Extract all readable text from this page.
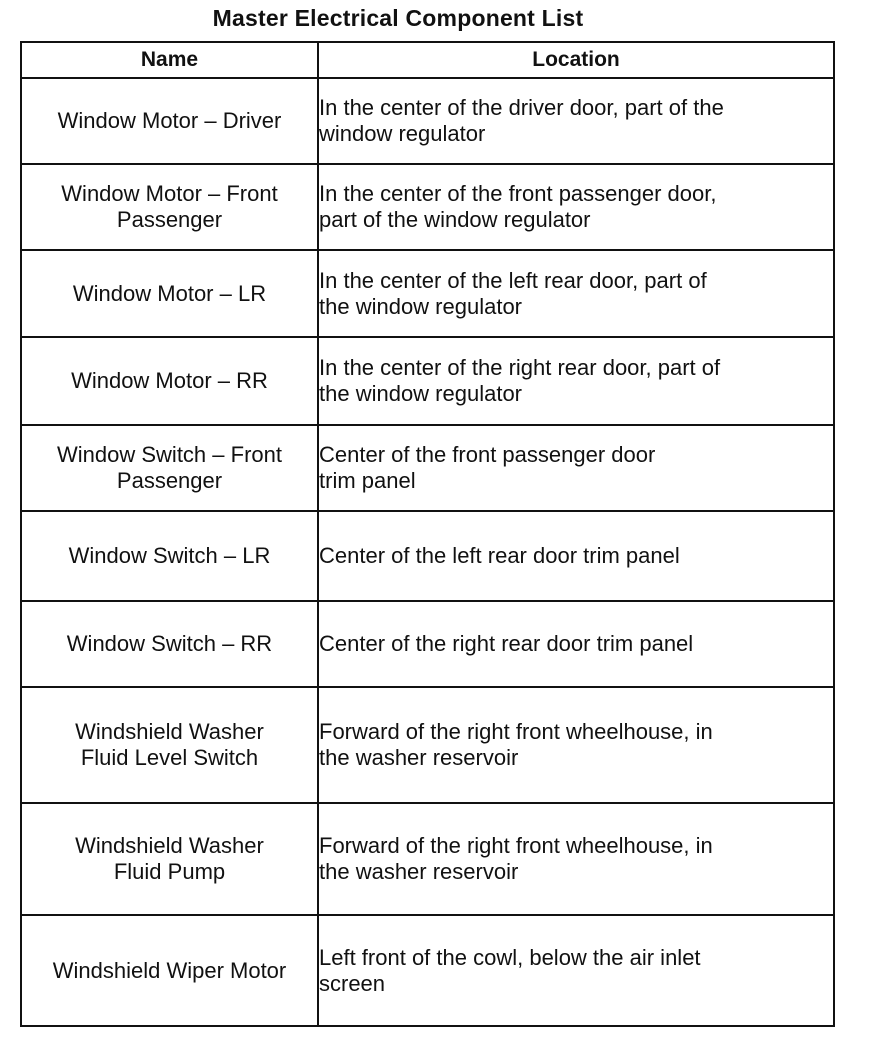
Master Electrical Component List
Name	Location
Window Motor – Driver	In the center of the driver door, part of the
window regulator
Window Motor – Front
Passenger	In the center of the front passenger door,
part of the window regulator
Window Motor – LR	In the center of the left rear door, part of
the window regulator
Window Motor – RR	In the center of the right rear door, part of
the window regulator
Window Switch – Front
Passenger	Center of the front passenger door
trim panel
Window Switch – LR	Center of the left rear door trim panel
Window Switch – RR	Center of the right rear door trim panel
Windshield Washer
Fluid Level Switch	Forward of the right front wheelhouse, in
the washer reservoir
Windshield Washer
Fluid Pump	Forward of the right front wheelhouse, in
the washer reservoir
Windshield Wiper Motor	Left front of the cowl, below the air inlet
screen
